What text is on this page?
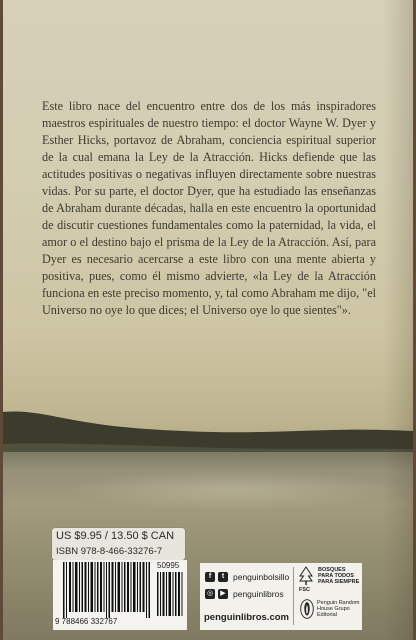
Este libro nace del encuentro entre dos de los más inspiradores maestros espirituales de nuestro tiempo: el doctor Wayne W. Dyer y Esther Hicks, portavoz de Abraham, conciencia espiritual superior de la cual emana la Ley de la Atracción. Hicks defiende que las actitudes positivas o negativas influyen directamente sobre nuestras vidas. Por su parte, el doctor Dyer, que ha estudiado las enseñanzas de Abraham durante décadas, halla en este encuentro la oportunidad de discutir cuestiones fundamentales como la paternidad, la vida, el amor o el destino bajo el prisma de la Ley de la Atracción. Así, para Dyer es necesario acercarse a este libro con una mente abierta y positiva, pues, como él mismo advierte, «la Ley de la Atracción funciona en este preciso momento, y, tal como Abraham me dijo, "el Universo no oye lo que dices; el Universo oye lo que sientes"».

US $9.95 / 13.50 $ CAN
ISBN 978-8-466-33276-7
50995
9 788466 332767
f	t	penguinbolsillo
◎	▶ penguinlibros
penguinlibros.com
FSC
BOSQUES PARA TODOS PARA SIEMPRE
Penguin Random House Grupo Editorial
